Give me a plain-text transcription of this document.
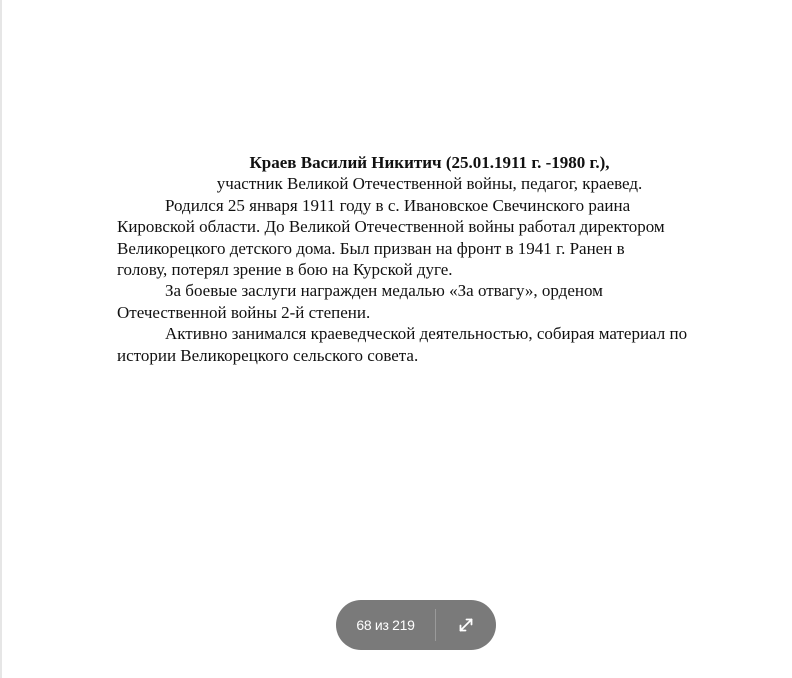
Краев Василий Никитич (25.01.1911 г. -1980 г.),

участник Великой Отечественной войны, педагог, краевед.

Родился 25 января 1911 году в с. Ивановское Свечинского раина
Кировской области. До Великой Отечественной войны работал директором
Великорецкого детского дома. Был призван на фронт в 1941 г. Ранен в
голову, потерял зрение в бою на Курской дуге.

За боевые заслуги награжден медалью «За отвагу», орденом
Отечественной войны 2-й степени.

Активно занимался краеведческой деятельностью, собирая материал по
истории Великорецкого сельского совета.

68 из 219
